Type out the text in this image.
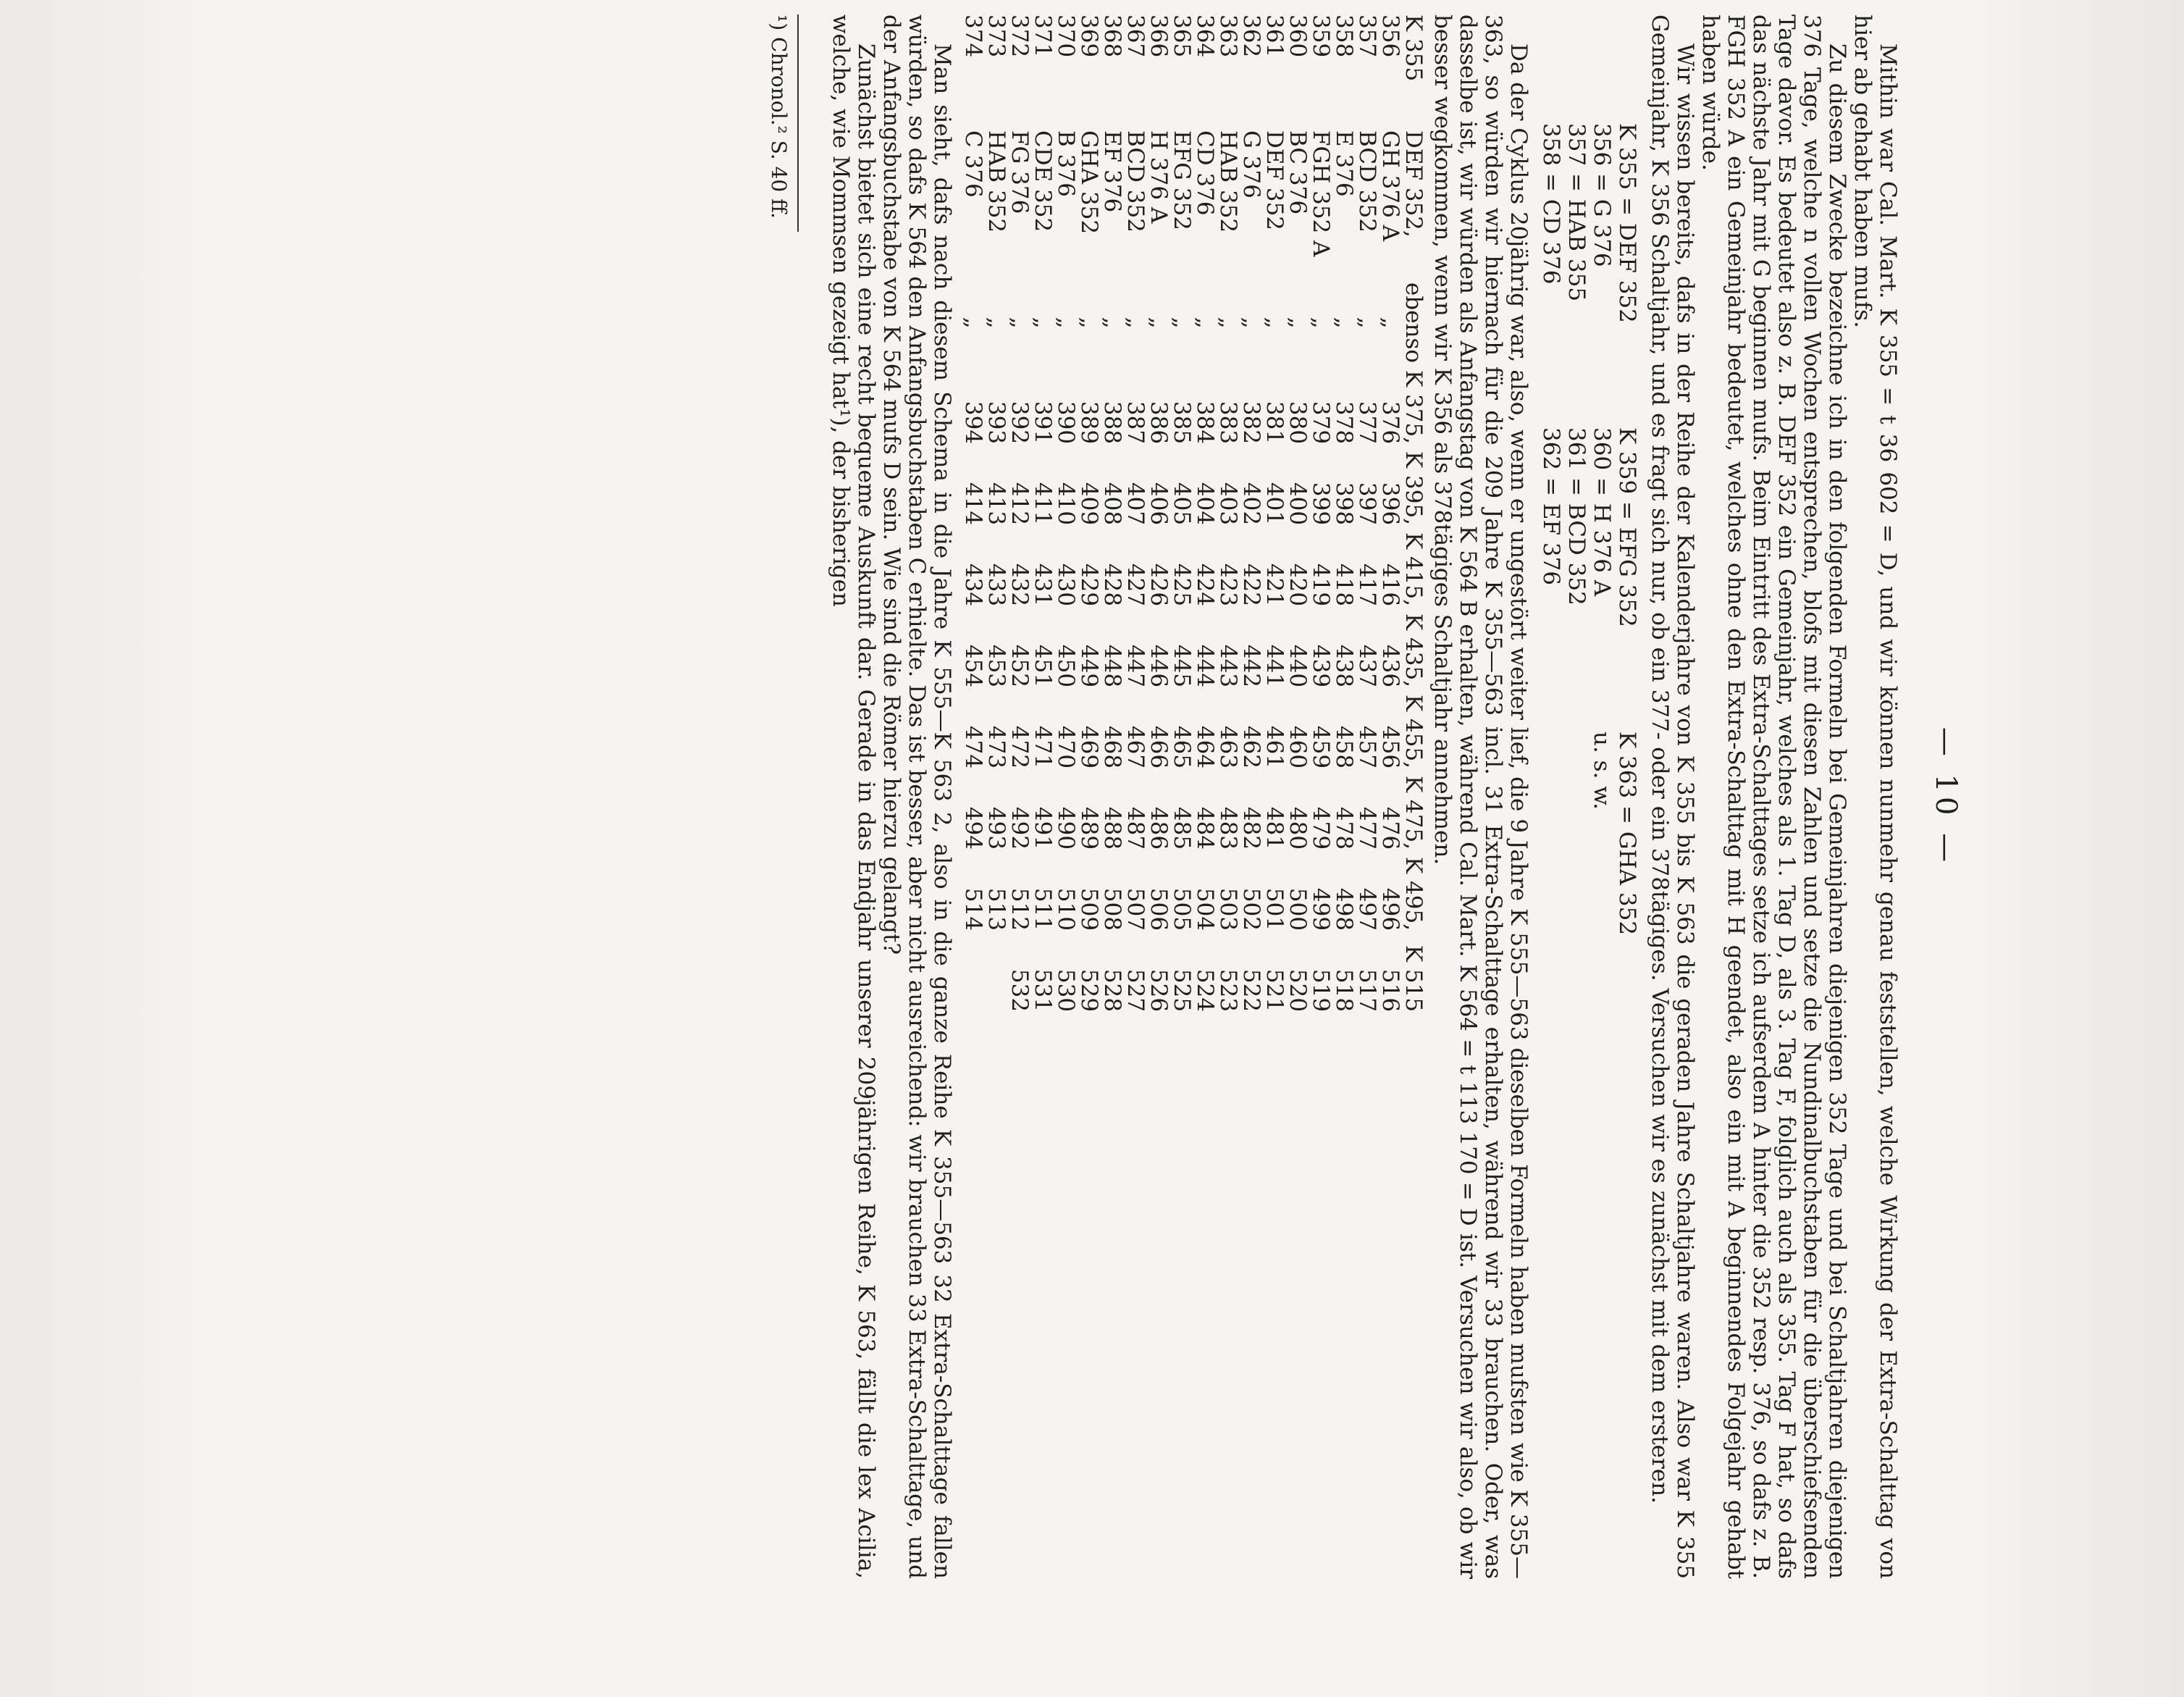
— 10 —

Mithin war Cal. Mart. K 355 = t 36 602 = D, und wir können nunmehr genau feststellen, welche Wirkung der Extra-Schalttag von hier ab gehabt haben mufs.

Zu diesem Zwecke bezeichne ich in den folgenden Formeln bei Gemeinjahren diejenigen 352 Tage und bei Schaltjahren diejenigen 376 Tage, welche n vollen Wochen entsprechen, blofs mit diesen Zahlen und setze die Nundinalbuchstaben für die überschiefsenden Tage davor. Es bedeutet also z. B. DEF 352 ein Gemeinjahr, welches als 1. Tag D, als 3. Tag F, folglich auch als 355. Tag F hat, so dafs das nächste Jahr mit G beginnen mufs. Beim Eintritt des Extra-Schalttages setze ich aufserdem A hinter die 352 resp. 376, so dafs z. B. FGH 352 A ein Gemeinjahr bedeutet, welches ohne den Extra-Schalttag mit H geendet, also ein mit A beginnendes Folgejahr gehabt haben würde.

Wir wissen bereits, dafs in der Reihe der Kalenderjahre von K 355 bis K 563 die geraden Jahre Schaltjahre waren. Also war K 355 Gemeinjahr, K 356 Schaltjahr, und es fragt sich nur, ob ein 377- oder ein 378tägiges. Versuchen wir es zunächst mit dem ersteren.

K 355 = DEF 352
356 = G 376
357 = HAB 355
358 = CD 376
K 359 = EFG 352
360 = H 376 A
361 = BCD 352
362 = EF 376
K 363 = GHA 352
u. s. w.

Da der Cyklus 20jährig war, also, wenn er ungestört weiter lief, die 9 Jahre K 555—563 dieselben Formeln haben mufsten wie K 355—363, so würden wir hiernach für die 209 Jahre K 355—563 incl. 31 Extra-Schalttage erhalten, während wir 33 brauchen. Oder, was dasselbe ist, wir würden als Anfangstag von K 564 B erhalten, während Cal. Mart. K 564 = t 113 170 = D ist. Versuchen wir also, ob wir besser wegkommen, wenn wir K 356 als 378tägiges Schaltjahr annehmen.

K 355	DEF 352,	ebenso	K 375,	K 395,	K 415,	K 435,	K 455,	K 475,	K 495,	K 515
356	GH 376 A	„	376	396	416	436	456	476	496	516
357	BCD 352	„	377	397	417	437	457	477	497	517
358	E 376	„	378	398	418	438	458	478	498	518
359	FGH 352 A	„	379	399	419	439	459	479	499	519
360	BC 376	„	380	400	420	440	460	480	500	520
361	DEF 352	„	381	401	421	441	461	481	501	521
362	G 376	„	382	402	422	442	462	482	502	522
363	HAB 352	„	383	403	423	443	463	483	503	523
364	CD 376	„	384	404	424	444	464	484	504	524
365	EFG 352	„	385	405	425	445	465	485	505	525
366	H 376 A	„	386	406	426	446	466	486	506	526
367	BCD 352	„	387	407	427	447	467	487	507	527
368	EF 376	„	388	408	428	448	468	488	508	528
369	GHA 352	„	389	409	429	449	469	489	509	529
370	B 376	„	390	410	430	450	470	490	510	530
371	CDE 352	„	391	411	431	451	471	491	511	531
372	FG 376	„	392	412	432	452	472	492	512	532
373	HAB 352	„	393	413	433	453	473	493	513	
374	C 376	„	394	414	434	454	474	494	514	

Man sieht, dafs nach diesem Schema in die Jahre K 555—K 563 2, also in die ganze Reihe K 355—563 32 Extra-Schalttage fallen würden, so dafs K 564 den Anfangsbuchstaben C erhielte. Das ist besser, aber nicht ausreichend: wir brauchen 33 Extra-Schalttage, und der Anfangsbuchstabe von K 564 mufs D sein. Wie sind die Römer hierzu gelangt?

Zunächst bietet sich eine recht bequeme Auskunft dar. Gerade in das Endjahr unserer 209jährigen Reihe, K 563, fällt die lex Acilia, welche, wie Mommsen gezeigt hat¹), der bisherigen

¹) Chronol.² S. 40 ff.
